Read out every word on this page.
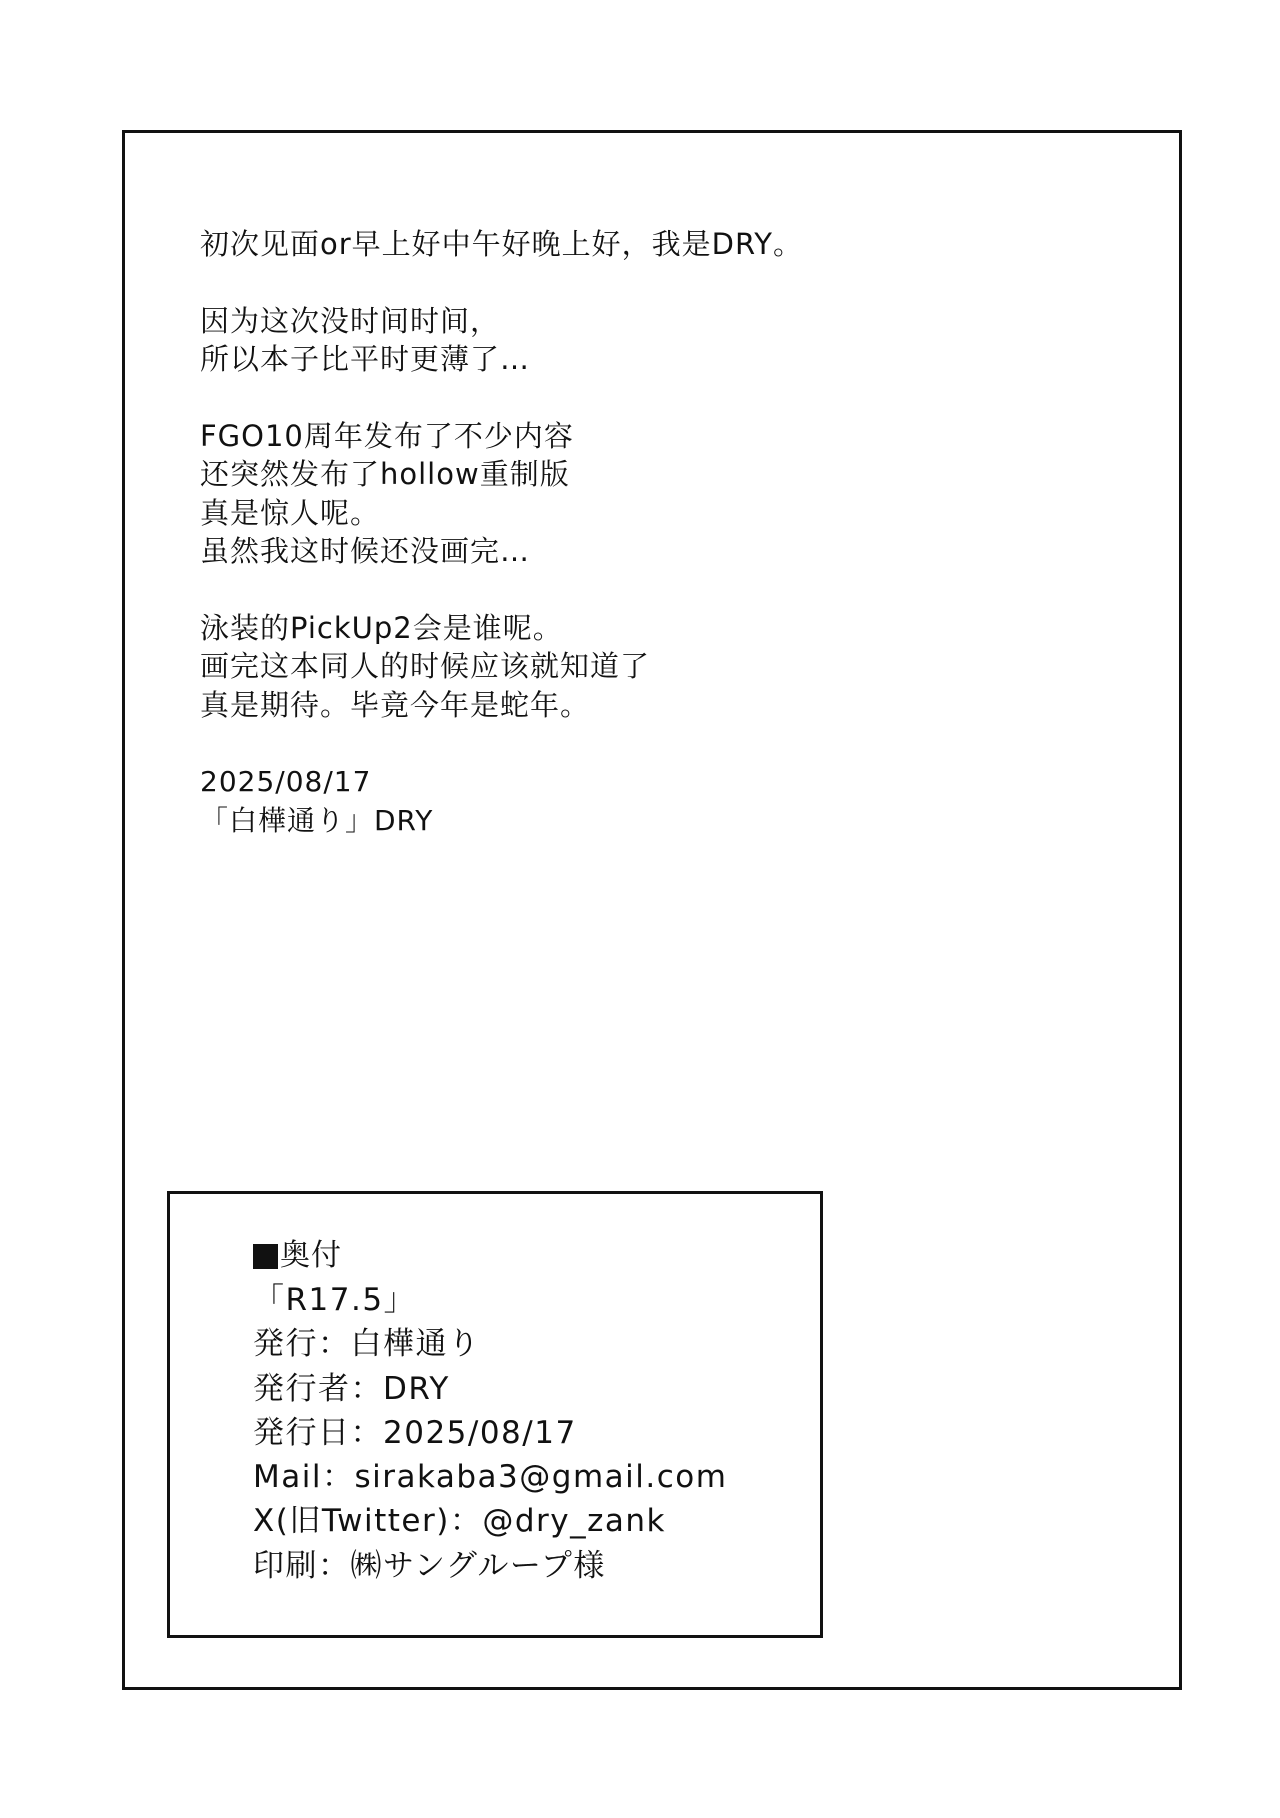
初次见面or早上好中午好晚上好，我是DRY。
因为这次没时间时间，
所以本子比平时更薄了…
FGO10周年发布了不少内容
还突然发布了hollow重制版
真是惊人呢。
虽然我这时候还没画完…
泳装的PickUp2会是谁呢。
画完这本同人的时候应该就知道了
真是期待。毕竟今年是蛇年。
2025/08/17
「白樺通り」DRY
奥付
「R17.5」
発行：白樺通り
発行者：DRY
発行日：2025/08/17
Mail：sirakaba3@gmail.com
X(旧Twitter)：@dry_zank
印刷：㈱サングループ様
